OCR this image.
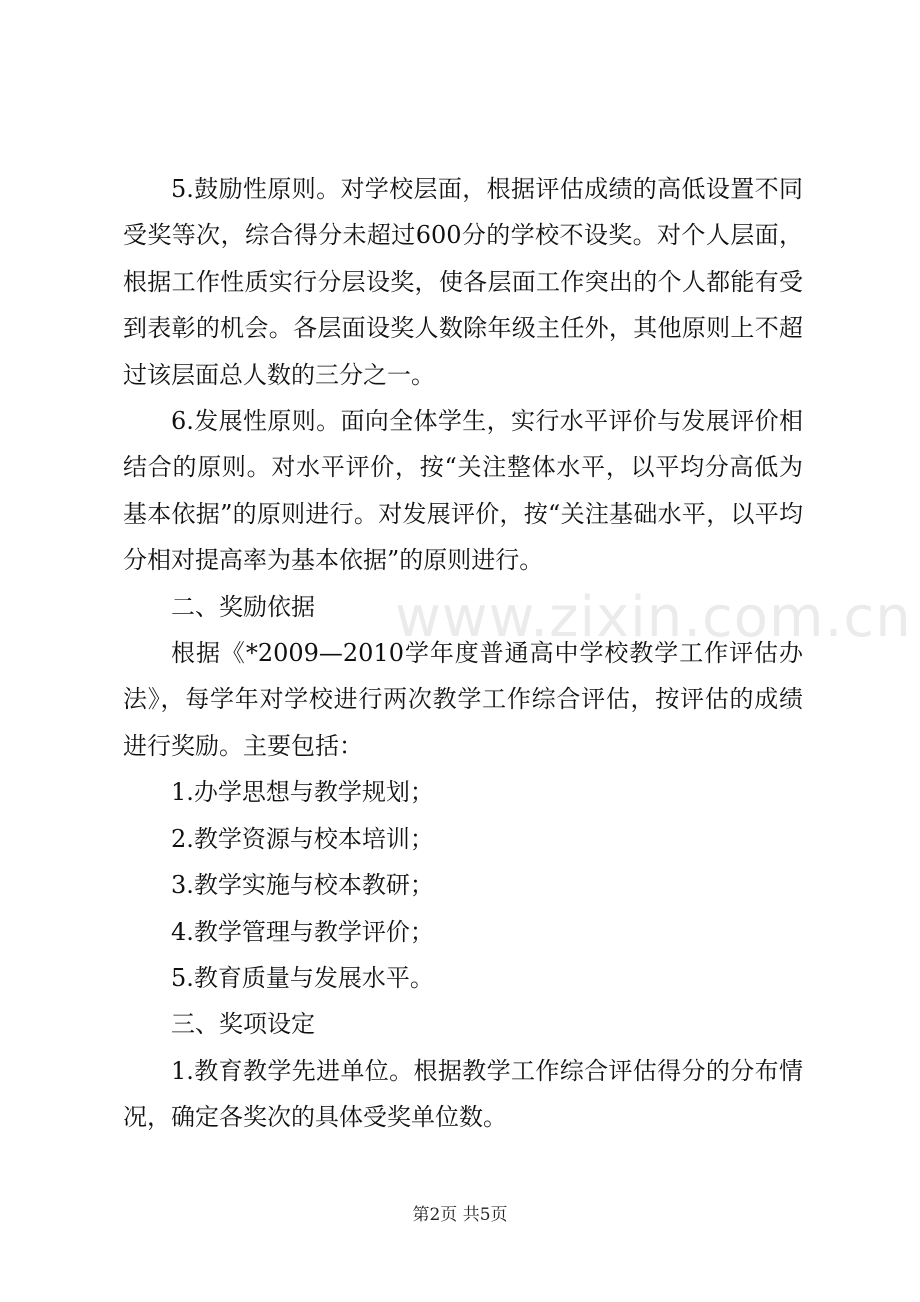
5.鼓励性原则。对学校层面，根据评估成绩的高低设置不同受奖等次，综合得分未超过600分的学校不设奖。对个人层面，根据工作性质实行分层设奖，使各层面工作突出的个人都能有受到表彰的机会。各层面设奖人数除年级主任外，其他原则上不超过该层面总人数的三分之一。

6.发展性原则。面向全体学生，实行水平评价与发展评价相结合的原则。对水平评价，按“关注整体水平，以平均分高低为基本依据”的原则进行。对发展评价，按“关注基础水平，以平均分相对提高率为基本依据”的原则进行。

二、奖励依据

根据《*2009—2010学年度普通高中学校教学工作评估办法》，每学年对学校进行两次教学工作综合评估，按评估的成绩进行奖励。主要包括：

1.办学思想与教学规划；

2.教学资源与校本培训；

3.教学实施与校本教研；

4.教学管理与教学评价；

5.教育质量与发展水平。

三、奖项设定

1.教育教学先进单位。根据教学工作综合评估得分的分布情况，确定各奖次的具体受奖单位数。

www.zixin.com.cn
第2页 共5页
